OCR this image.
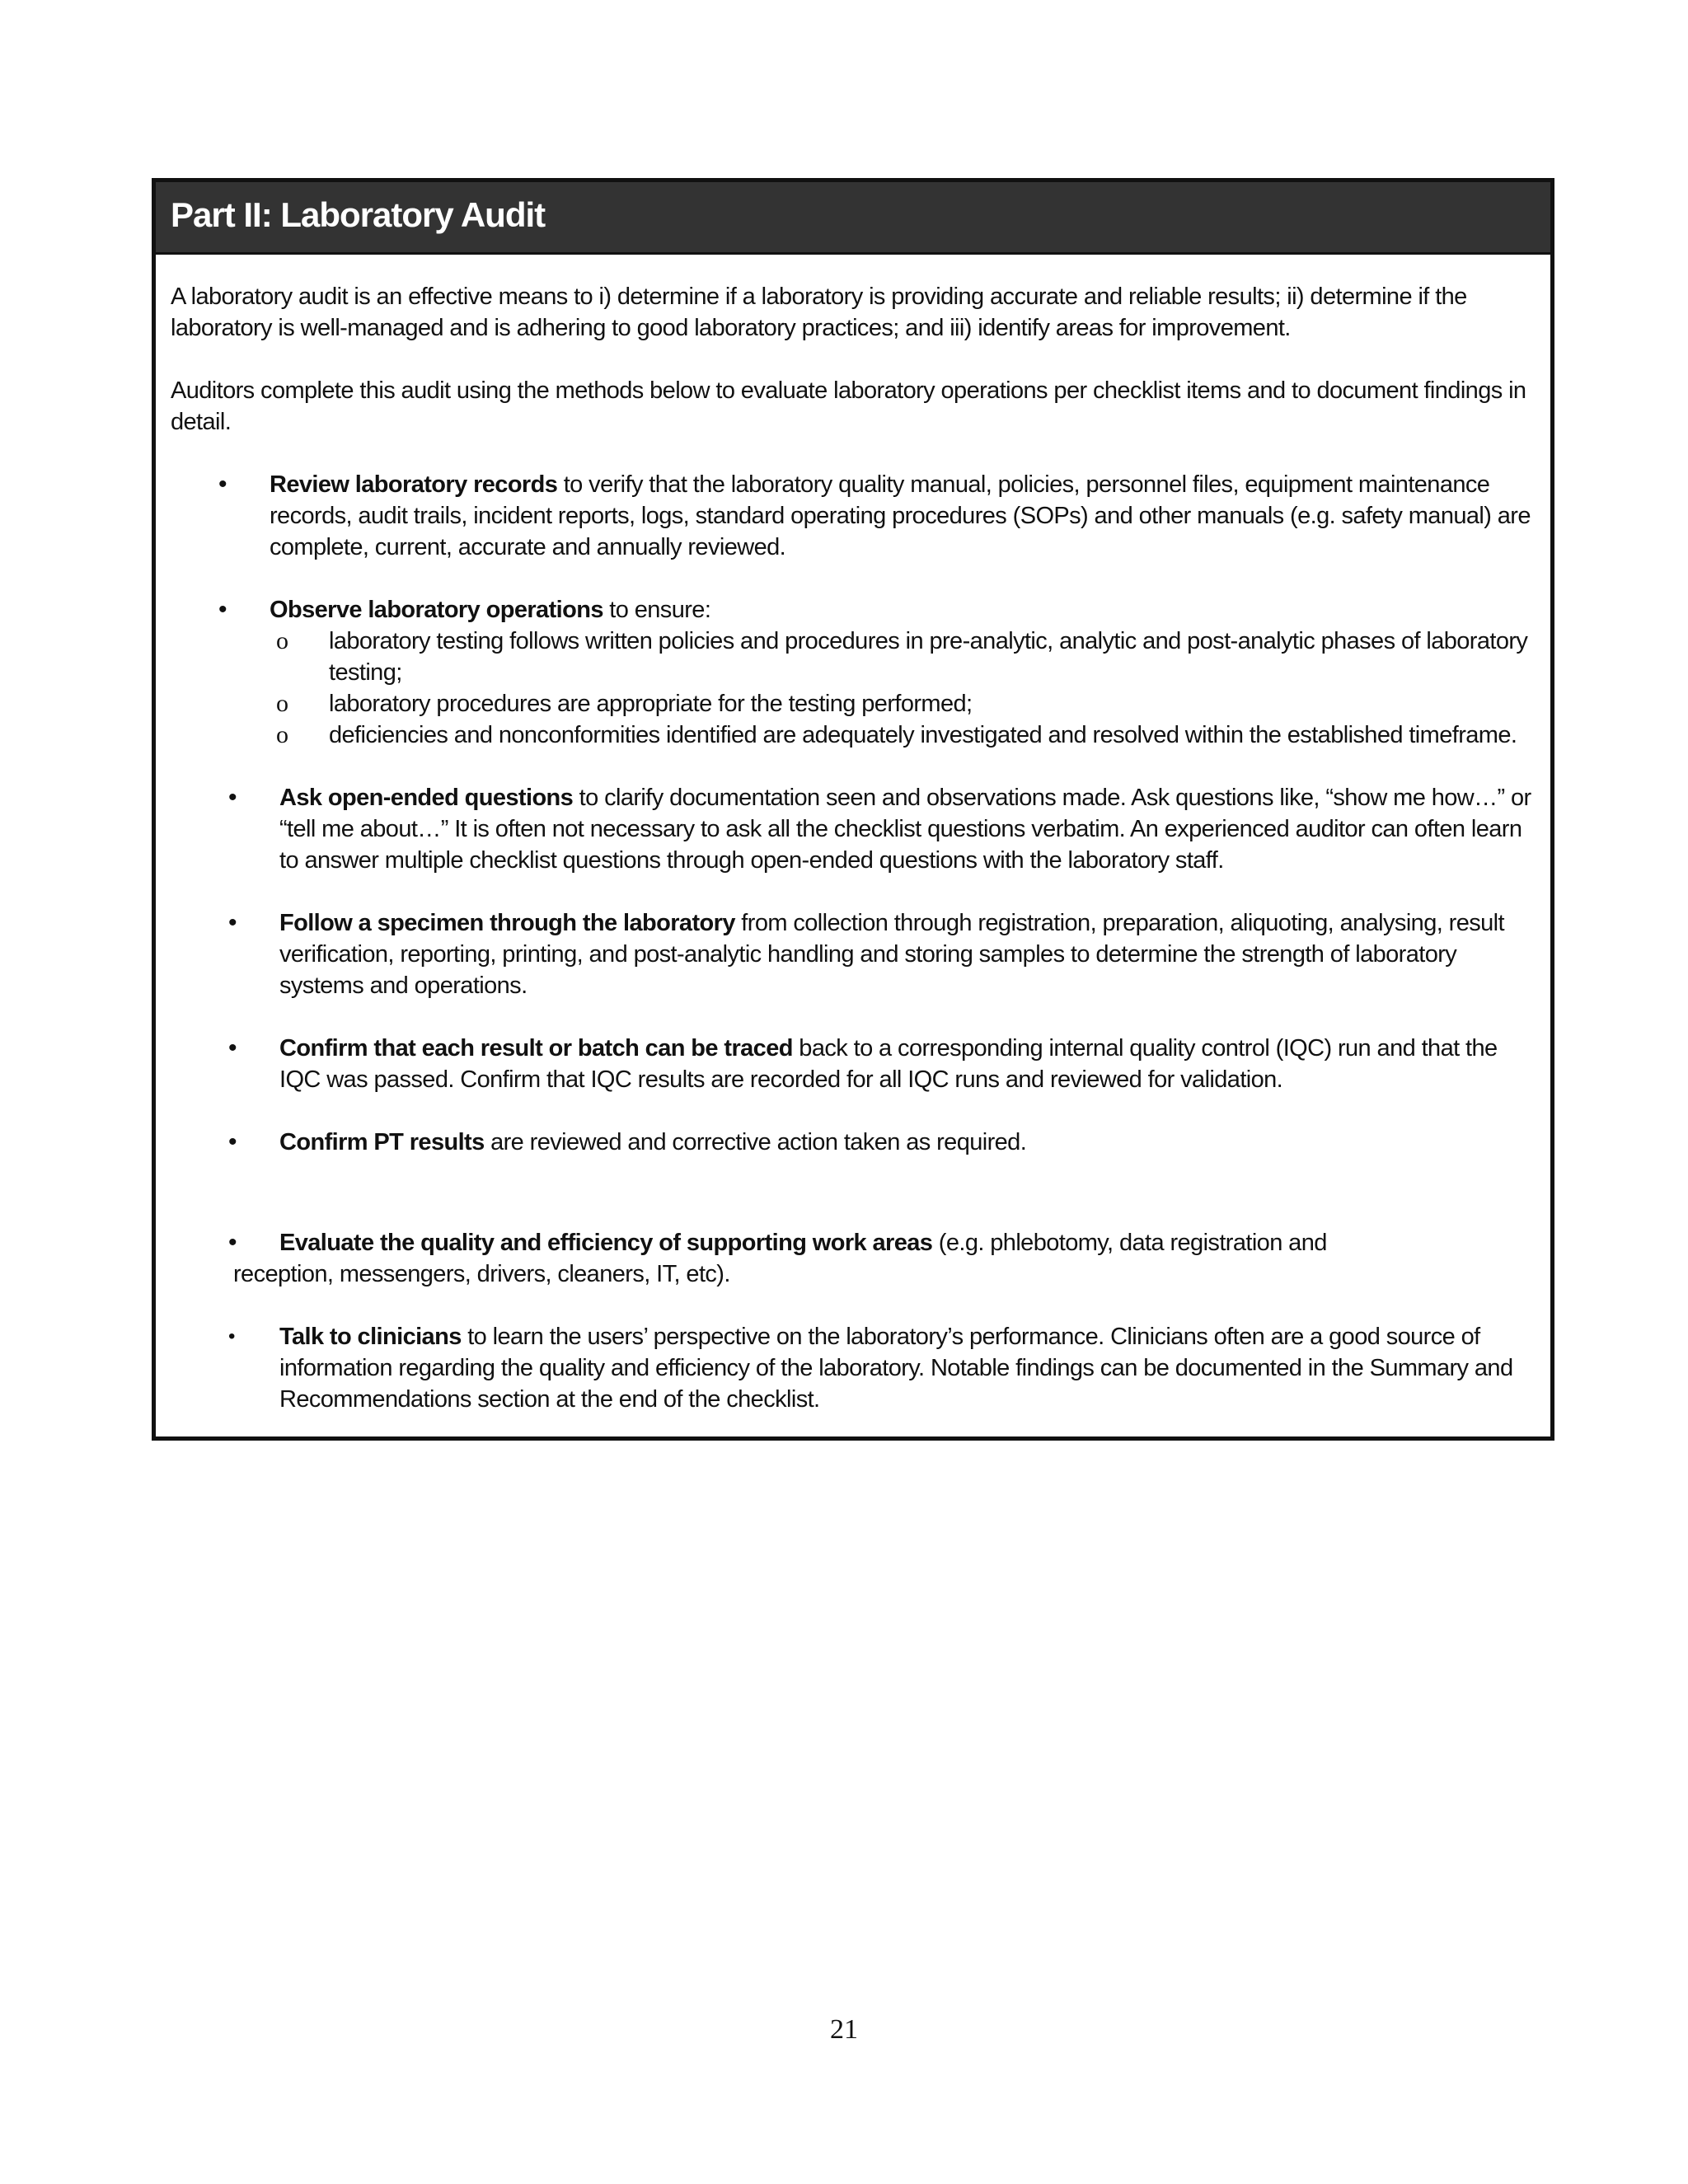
Part II: Laboratory Audit

A laboratory audit is an effective means to i) determine if a laboratory is providing accurate and reliable results; ii) determine if the laboratory is well-managed and is adhering to good laboratory practices; and iii) identify areas for improvement.

Auditors complete this audit using the methods below to evaluate laboratory operations per checklist items and to document findings in detail.

• Review laboratory records to verify that the laboratory quality manual, policies, personnel files, equipment maintenance records, audit trails, incident reports, logs, standard operating procedures (SOPs) and other manuals (e.g. safety manual) are complete, current, accurate and annually reviewed.
• Observe laboratory operations to ensure:
o laboratory testing follows written policies and procedures in pre-analytic, analytic and post-analytic phases of laboratory testing;
o laboratory procedures are appropriate for the testing performed;
o deficiencies and nonconformities identified are adequately investigated and resolved within the established timeframe.
• Ask open-ended questions to clarify documentation seen and observations made. Ask questions like, “show me how…” or “tell me about…” It is often not necessary to ask all the checklist questions verbatim. An experienced auditor can often learn to answer multiple checklist questions through open-ended questions with the laboratory staff.
• Follow a specimen through the laboratory from collection through registration, preparation, aliquoting, analysing, result verification, reporting, printing, and post-analytic handling and storing samples to determine the strength of laboratory systems and operations.
• Confirm that each result or batch can be traced back to a corresponding internal quality control (IQC) run and that the IQC was passed. Confirm that IQC results are recorded for all IQC runs and reviewed for validation.
• Confirm PT results are reviewed and corrective action taken as required.
• Evaluate the quality and efficiency of supporting work areas (e.g. phlebotomy, data registration and
reception, messengers, drivers, cleaners, IT, etc).
• Talk to clinicians to learn the users’ perspective on the laboratory’s performance. Clinicians often are a good source of information regarding the quality and efficiency of the laboratory. Notable findings can be documented in the Summary and Recommendations section at the end of the checklist.
21
